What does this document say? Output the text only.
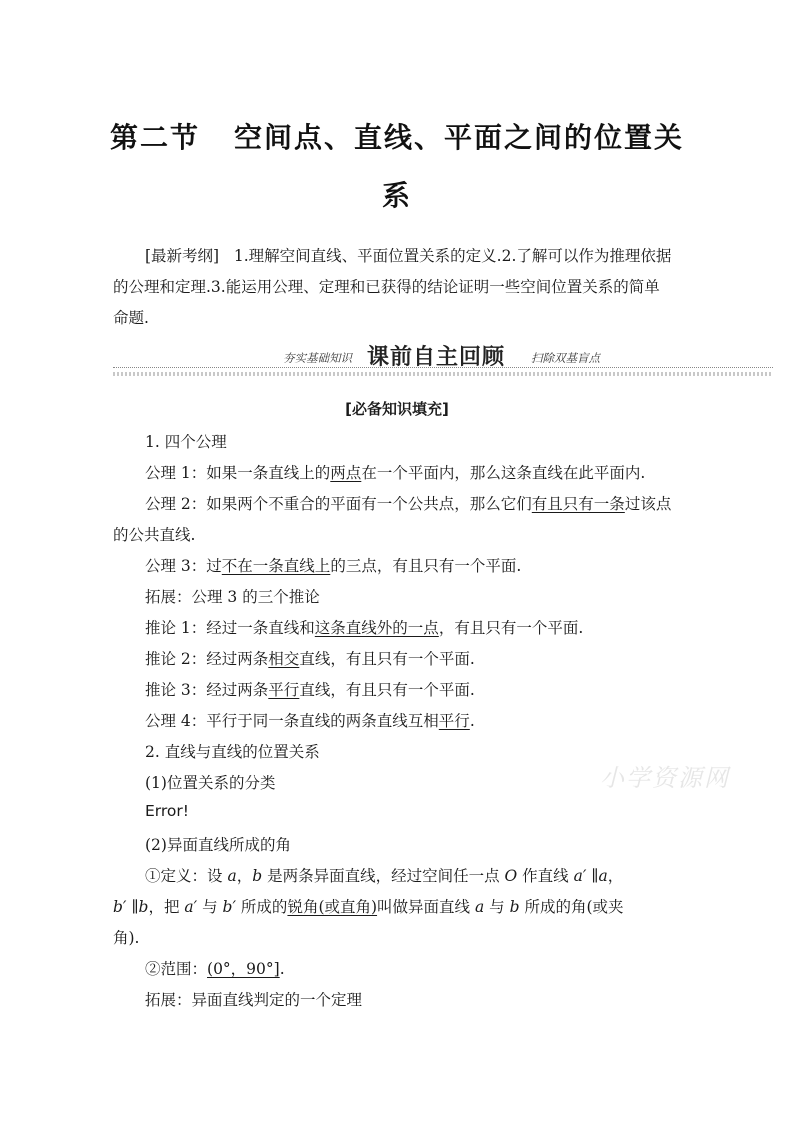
第二节 空间点、直线、平面之间的位置关
系
[最新考纲] 1.理解空间直线、平面位置关系的定义.2.了解可以作为推理依据
的公理和定理.3.能运用公理、定理和已获得的结论证明一些空间位置关系的简单
命题.
夯实基础知识 课前自主回顾 扫除双基盲点
[必备知识填充]
1. 四个公理
公理 1：如果一条直线上的两点在一个平面内，那么这条直线在此平面内.
公理 2：如果两个不重合的平面有一个公共点，那么它们有且只有一条过该点
的公共直线.
公理 3：过不在一条直线上的三点，有且只有一个平面.
拓展：公理 3 的三个推论
推论 1：经过一条直线和这条直线外的一点，有且只有一个平面.
推论 2：经过两条相交直线，有且只有一个平面.
推论 3：经过两条平行直线，有且只有一个平面.
公理 4：平行于同一条直线的两条直线互相平行.
2. 直线与直线的位置关系
(1)位置关系的分类
Error!
(2)异面直线所成的角
①定义：设 a，b 是两条异面直线，经过空间任一点 O 作直线 a′ ∥a，
b′ ∥b，把 a′ 与 b′ 所成的锐角(或直角)叫做异面直线 a 与 b 所成的角(或夹
角).
②范围：(0°，90°].
拓展：异面直线判定的一个定理
小学资源网
